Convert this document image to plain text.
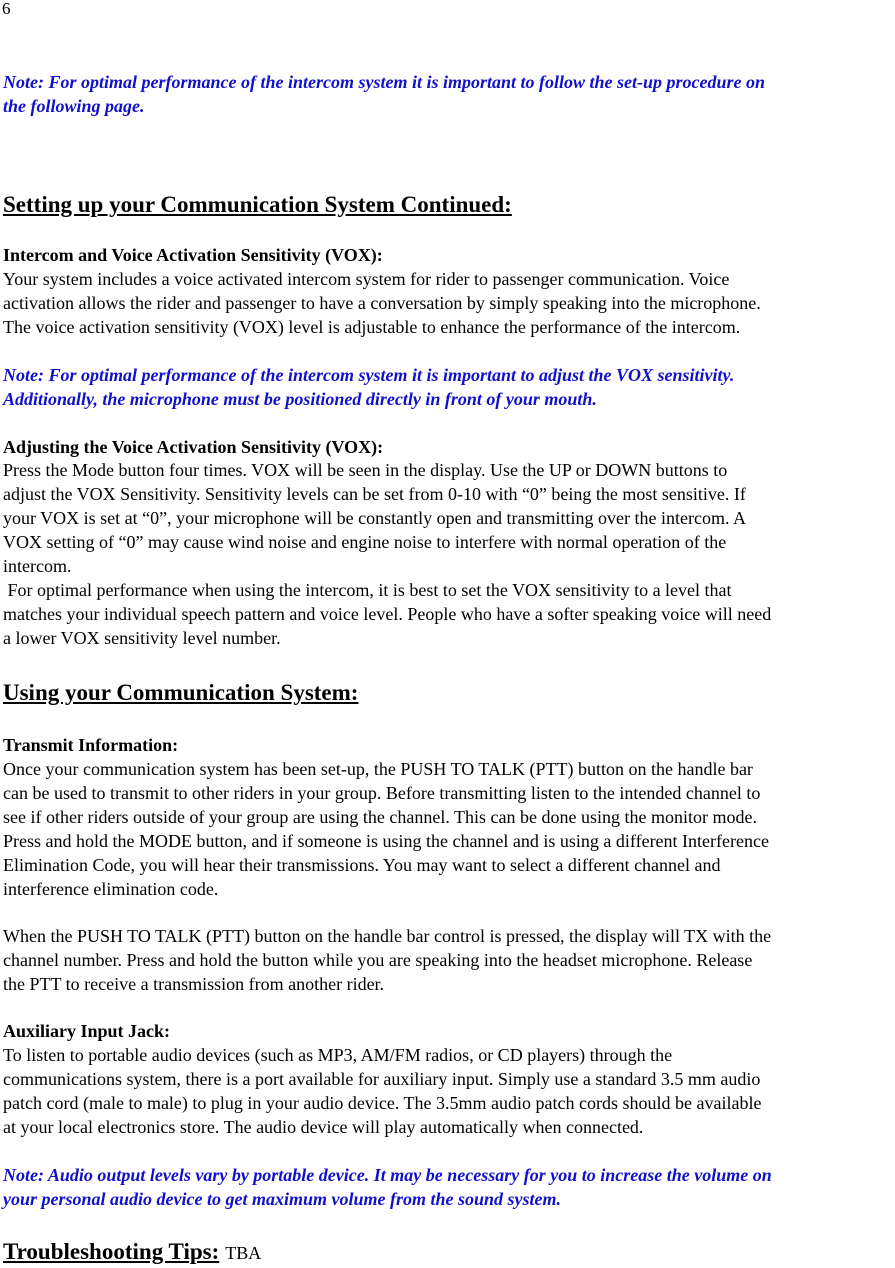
6
Note: For optimal performance of the intercom system it is important to follow the set-up procedure on
the following page.
Setting up your Communication System Continued:
Intercom and Voice Activation Sensitivity (VOX):
Your system includes a voice activated intercom system for rider to passenger communication. Voice
activation allows the rider and passenger to have a conversation by simply speaking into the microphone.
The voice activation sensitivity (VOX) level is adjustable to enhance the performance of the intercom.
Note: For optimal performance of the intercom system it is important to adjust the VOX sensitivity.
Additionally, the microphone must be positioned directly in front of your mouth.
Adjusting the Voice Activation Sensitivity (VOX):
Press the Mode button four times. VOX will be seen in the display. Use the UP or DOWN buttons to
adjust the VOX Sensitivity. Sensitivity levels can be set from 0-10 with “0” being the most sensitive. If
your VOX is set at “0”, your microphone will be constantly open and transmitting over the intercom. A
VOX setting of “0” may cause wind noise and engine noise to interfere with normal operation of the
intercom.
For optimal performance when using the intercom, it is best to set the VOX sensitivity to a level that
matches your individual speech pattern and voice level. People who have a softer speaking voice will need
a lower VOX sensitivity level number.
Using your Communication System:
Transmit Information:
Once your communication system has been set-up, the PUSH TO TALK (PTT) button on the handle bar
can be used to transmit to other riders in your group. Before transmitting listen to the intended channel to
see if other riders outside of your group are using the channel. This can be done using the monitor mode.
Press and hold the MODE button, and if someone is using the channel and is using a different Interference
Elimination Code, you will hear their transmissions. You may want to select a different channel and
interference elimination code.
When the PUSH TO TALK (PTT) button on the handle bar control is pressed, the display will TX with the
channel number. Press and hold the button while you are speaking into the headset microphone. Release
the PTT to receive a transmission from another rider.
Auxiliary Input Jack:
To listen to portable audio devices (such as MP3, AM/FM radios, or CD players) through the
communications system, there is a port available for auxiliary input. Simply use a standard 3.5 mm audio
patch cord (male to male) to plug in your audio device. The 3.5mm audio patch cords should be available
at your local electronics store. The audio device will play automatically when connected.
Note: Audio output levels vary by portable device. It may be necessary for you to increase the volume on
your personal audio device to get maximum volume from the sound system.
Troubleshooting Tips: TBA
